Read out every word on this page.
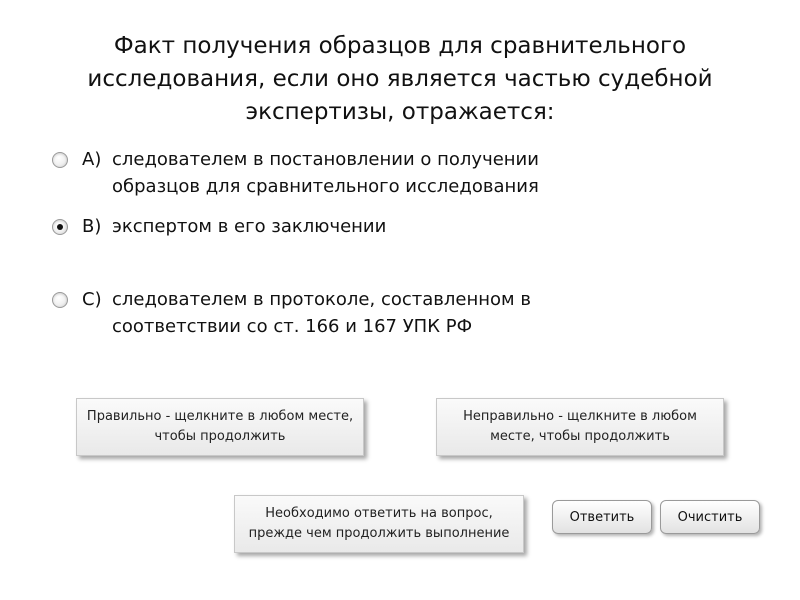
Факт получения образцов для сравнительного исследования, если оно является частью судебной экспертизы, отражается:
A) следователем в постановлении о получении образцов для сравнительного исследования
B) экспертом в его заключении
C) следователем в протоколе, составленном в соответствии со ст. 166 и 167 УПК РФ
Правильно - щелкните в любом месте, чтобы продолжить
Неправильно - щелкните в любом месте, чтобы продолжить
Необходимо ответить на вопрос, прежде чем продолжить выполнение
Ответить	Очистить
